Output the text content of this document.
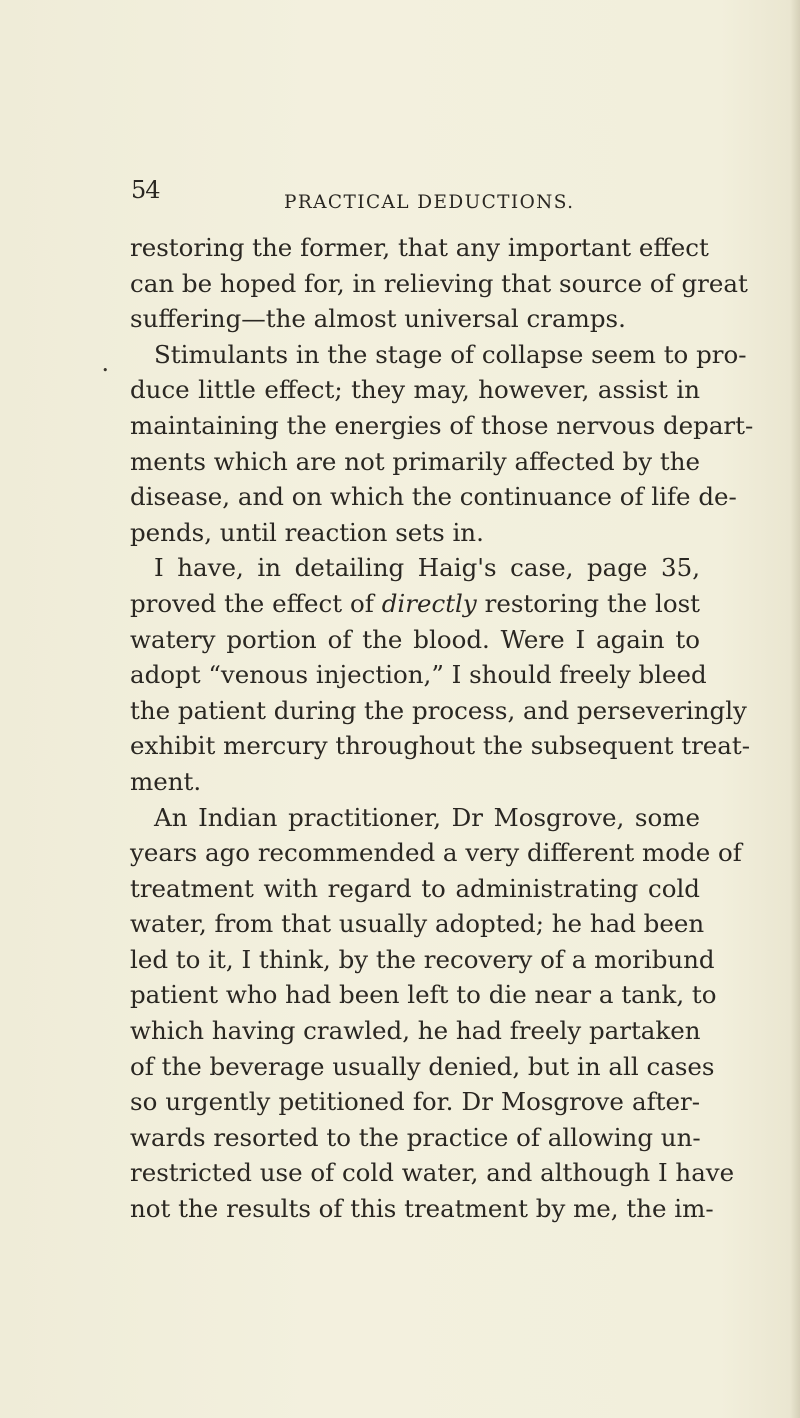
54	PRACTICAL DEDUCTIONS.
•
restoring the former, that any important effect
can be hoped for, in relieving that source of great
suffering—the almost universal cramps.
Stimulants in the stage of collapse seem to pro-
duce little effect; they may, however, assist in
maintaining the energies of those nervous depart-
ments which are not primarily affected by the
disease, and on which the continuance of life de-
pends, until reaction sets in.
I have, in detailing Haig's case, page 35,
proved the effect of directly restoring the lost
watery portion of the blood. Were I again to
adopt “venous injection,” I should freely bleed
the patient during the process, and perseveringly
exhibit mercury throughout the subsequent treat-
ment.
An Indian practitioner, Dr Mosgrove, some
years ago recommended a very different mode of
treatment with regard to administrating cold
water, from that usually adopted; he had been
led to it, I think, by the recovery of a moribund
patient who had been left to die near a tank, to
which having crawled, he had freely partaken
of the beverage usually denied, but in all cases
so urgently petitioned for. Dr Mosgrove after-
wards resorted to the practice of allowing un-
restricted use of cold water, and although I have
not the results of this treatment by me, the im-
